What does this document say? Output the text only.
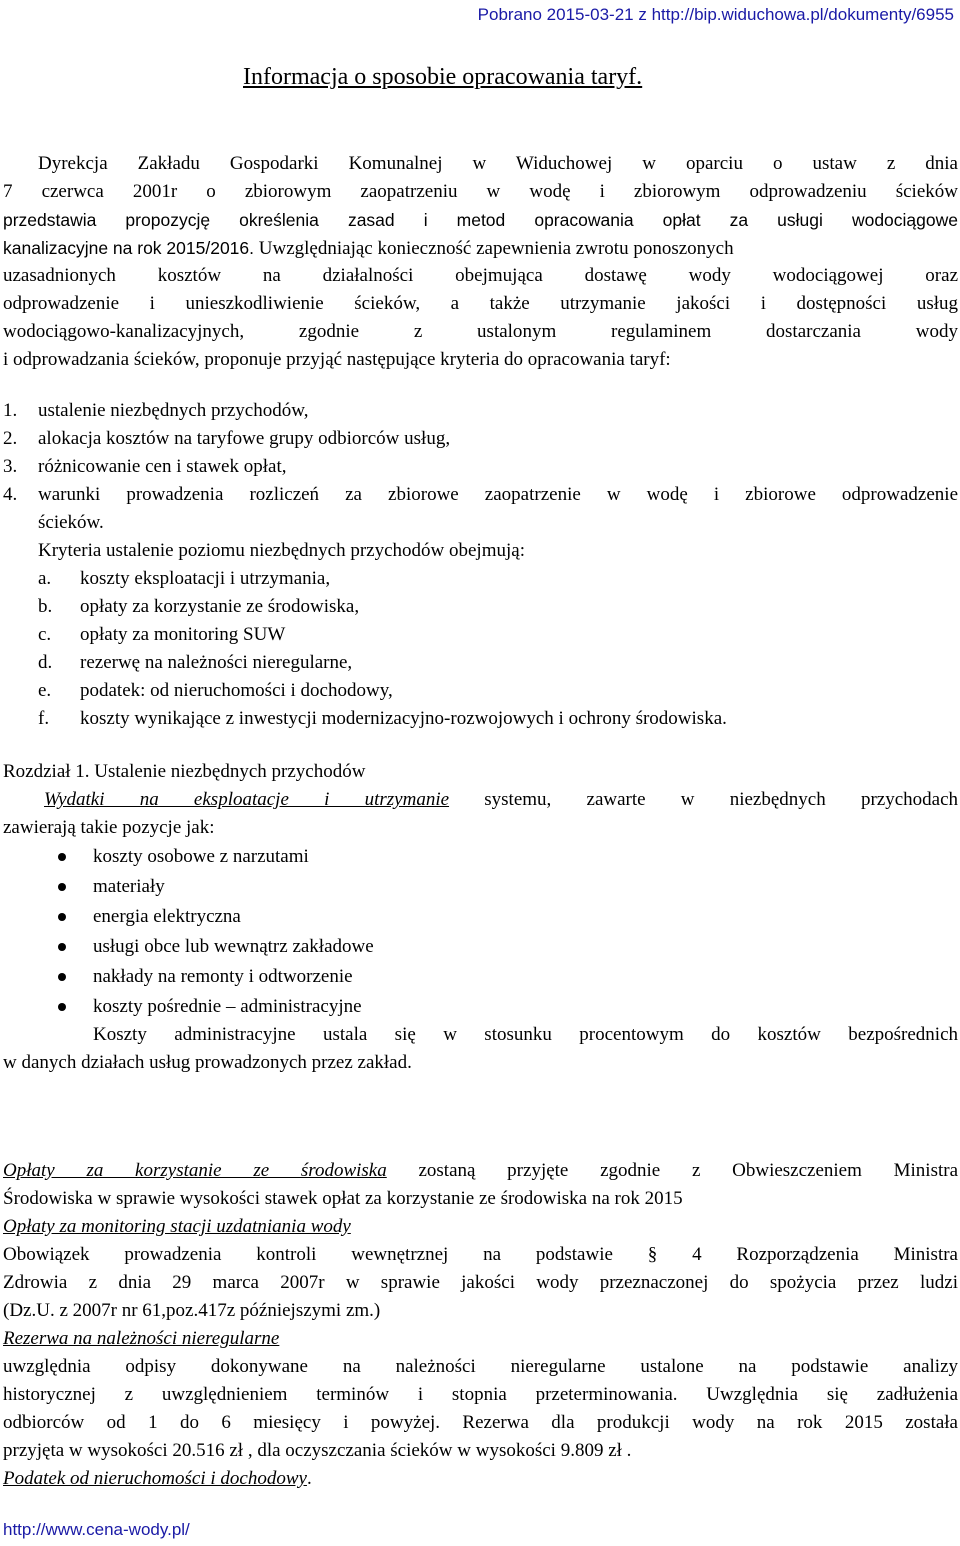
Pobrano 2015-03-21 z http://bip.widuchowa.pl/dokumenty/6955
Informacja o sposobie opracowania taryf.
Dyrekcja Zakładu Gospodarki Komunalnej w Widuchowej w oparciu o ustaw z dnia
7 czerwca 2001r o zbiorowym zaopatrzeniu w wodę i zbiorowym odprowadzeniu ścieków
przedstawia propozycję określenia zasad i metod opracowania opłat za usługi wodociągowe
kanalizacyjne na rok 2015/2016. Uwzględniając konieczność zapewnienia zwrotu ponoszonych
uzasadnionych kosztów na działalności obejmująca dostawę wody wodociągowej oraz
odprowadzenie i unieszkodliwienie ścieków, a także utrzymanie jakości i dostępności usług
wodociągowo-kanalizacyjnych, zgodnie z ustalonym regulaminem dostarczania wody
i odprowadzania ścieków, proponuje przyjąć następujące kryteria do opracowania taryf:
1. ustalenie niezbędnych przychodów,
2. alokacja kosztów na taryfowe grupy odbiorców usług,
3. różnicowanie cen i stawek opłat,
4. warunki prowadzenia rozliczeń za zbiorowe zaopatrzenie w wodę i zbiorowe odprowadzenie
ścieków.
Kryteria ustalenie poziomu niezbędnych przychodów obejmują:
a. koszty eksploatacji i utrzymania,
b. opłaty za korzystanie ze środowiska,
c. opłaty za monitoring SUW
d. rezerwę na należności nieregularne,
e. podatek: od nieruchomości i dochodowy,
f. koszty wynikające z inwestycji modernizacyjno-rozwojowych i ochrony środowiska.
Rozdział 1. Ustalenie niezbędnych przychodów
Wydatki na eksploatacje i utrzymanie systemu, zawarte w niezbędnych przychodach
zawierają takie pozycje jak:
koszty osobowe z narzutami
materiały
energia elektryczna
usługi obce lub wewnątrz zakładowe
nakłady na remonty i odtworzenie
koszty pośrednie – administracyjne
Koszty administracyjne ustala się w stosunku procentowym do kosztów bezpośrednich
w danych działach usług prowadzonych przez zakład.
Opłaty za korzystanie ze środowiska zostaną przyjęte zgodnie z Obwieszczeniem Ministra
Środowiska w sprawie wysokości stawek opłat za korzystanie ze środowiska na rok 2015
Opłaty za monitoring stacji uzdatniania wody
Obowiązek prowadzenia kontroli wewnętrznej na podstawie § 4 Rozporządzenia Ministra
Zdrowia z dnia 29 marca 2007r w sprawie jakości wody przeznaczonej do spożycia przez ludzi
(Dz.U. z 2007r nr 61,poz.417z późniejszymi zm.)
Rezerwa na należności nieregularne
uwzględnia odpisy dokonywane na należności nieregularne ustalone na podstawie analizy
historycznej z uwzględnieniem terminów i stopnia przeterminowania. Uwzględnia się zadłużenia
odbiorców od 1 do 6 miesięcy i powyżej. Rezerwa dla produkcji wody na rok 2015 została
przyjęta w wysokości 20.516 zł , dla oczyszczania ścieków w wysokości 9.809 zł .
Podatek od nieruchomości i dochodowy.
http://www.cena-wody.pl/
